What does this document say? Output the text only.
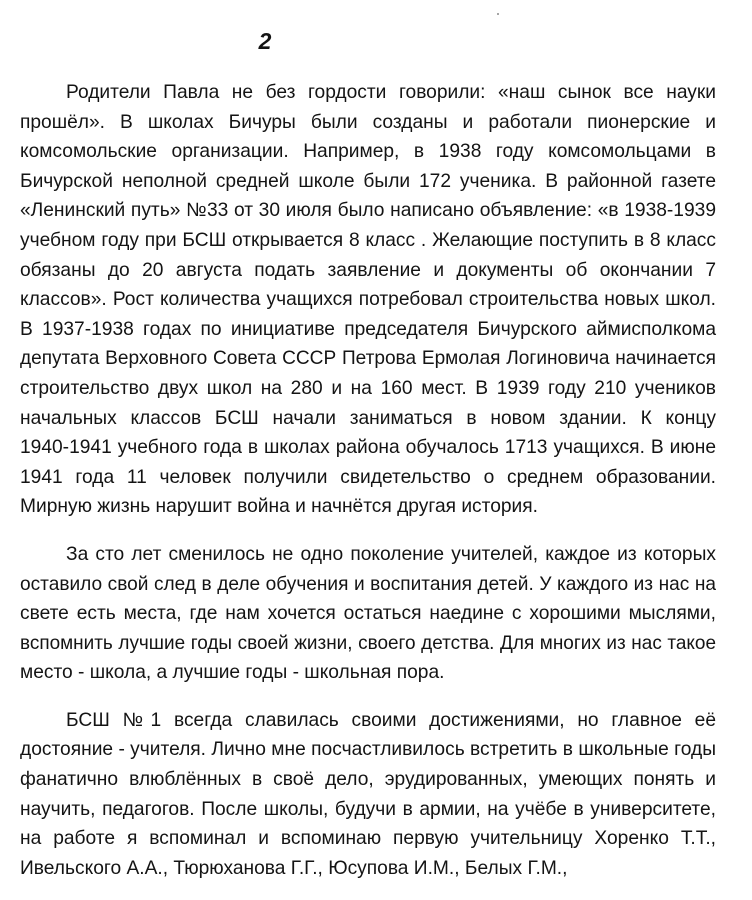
2

Родители Павла не без гордости говорили: «наш сынок все науки
прошёл». В школах Бичуры были созданы и работали пионерские и
комсомольские организации. Например, в 1938 году комсомольцами в
Бичурской неполной средней школе были 172 ученика. В районной газете
«Ленинский путь» №33 от 30 июля было написано объявление: «в 1938-1939
учебном году при БСШ открывается 8 класс . Желающие поступить в 8 класс
обязаны до 20 августа подать заявление и документы об окончании 7
классов». Рост количества учащихся потребовал строительства новых школ.
В 1937-1938 годах по инициативе председателя Бичурского аймисполкома
депутата Верховного Совета СССР Петрова Ермолая Логиновича начинается
строительство двух школ на 280 и на 160 мест. В 1939 году 210 учеников
начальных классов БСШ начали заниматься в новом здании. К концу
1940-1941 учебного года в школах района обучалось 1713 учащихся. В июне
1941 года 11 человек получили свидетельство о среднем образовании.
Мирную жизнь нарушит война и начнётся другая история.

За сто лет сменилось не одно поколение учителей, каждое из которых
оставило свой след в деле обучения и воспитания детей. У каждого из нас на
свете есть места, где нам хочется остаться наедине с хорошими мыслями,
вспомнить лучшие годы своей жизни, своего детства. Для многих из нас такое
место - школа, а лучшие годы - школьная пора.

БСШ №1 всегда славилась своими достижениями, но главное её
достояние - учителя. Лично мне посчастливилось встретить в школьные годы
фанатично влюблённых в своё дело, эрудированных, умеющих понять и
научить, педагогов. После школы, будучи в армии, на учёбе в университете,
на работе я вспоминал и вспоминаю первую учительницу Хоренко Т.Т.,
Ивельского А.А., Тюрюханова Г.Г., Юсупова И.М., Белых Г.М.,
